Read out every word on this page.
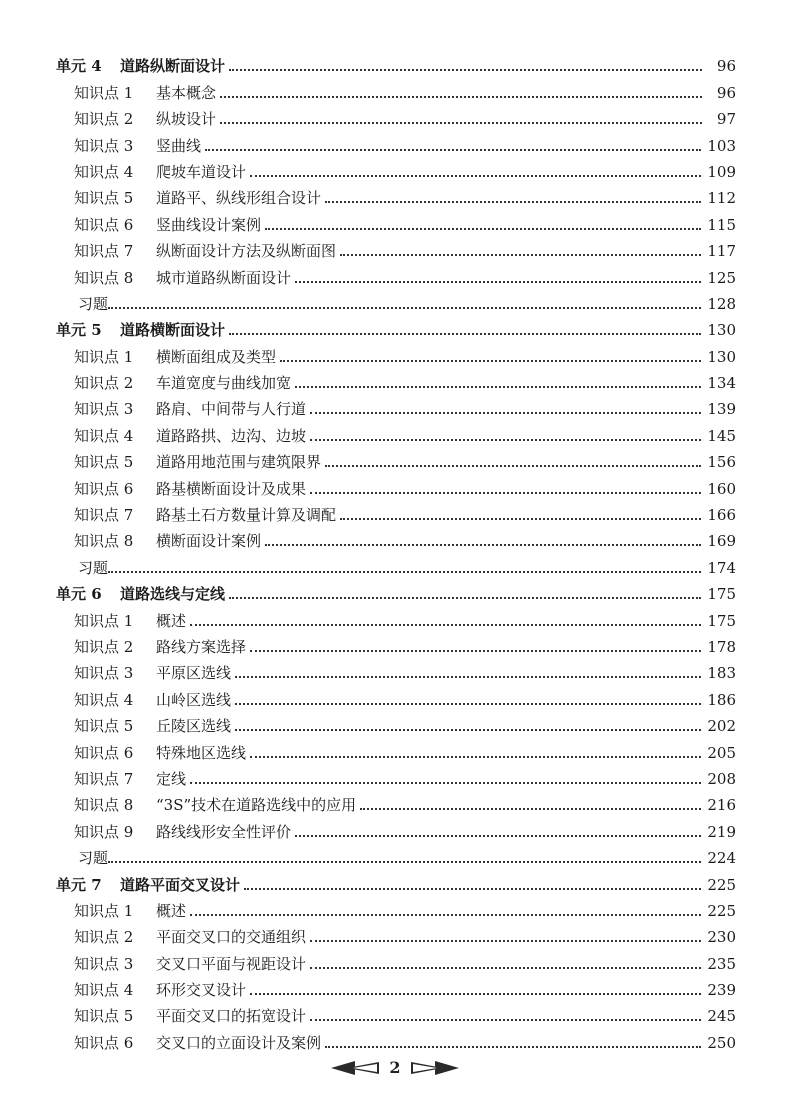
单元 4	道路纵断面设计	96
知识点 1	基本概念	96
知识点 2	纵坡设计	97
知识点 3	竖曲线	103
知识点 4	爬坡车道设计	109
知识点 5	道路平、纵线形组合设计	112
知识点 6	竖曲线设计案例	115
知识点 7	纵断面设计方法及纵断面图	117
知识点 8	城市道路纵断面设计	125
习题	128
单元 5	道路横断面设计	130
知识点 1	横断面组成及类型	130
知识点 2	车道宽度与曲线加宽	134
知识点 3	路肩、中间带与人行道	139
知识点 4	道路路拱、边沟、边坡	145
知识点 5	道路用地范围与建筑限界	156
知识点 6	路基横断面设计及成果	160
知识点 7	路基土石方数量计算及调配	166
知识点 8	横断面设计案例	169
习题	174
单元 6	道路选线与定线	175
知识点 1	概述	175
知识点 2	路线方案选择	178
知识点 3	平原区选线	183
知识点 4	山岭区选线	186
知识点 5	丘陵区选线	202
知识点 6	特殊地区选线	205
知识点 7	定线	208
知识点 8	“3S”技术在道路选线中的应用	216
知识点 9	路线线形安全性评价	219
习题	224
单元 7	道路平面交叉设计	225
知识点 1	概述	225
知识点 2	平面交叉口的交通组织	230
知识点 3	交叉口平面与视距设计	235
知识点 4	环形交叉设计	239
知识点 5	平面交叉口的拓宽设计	245
知识点 6	交叉口的立面设计及案例	250
2
